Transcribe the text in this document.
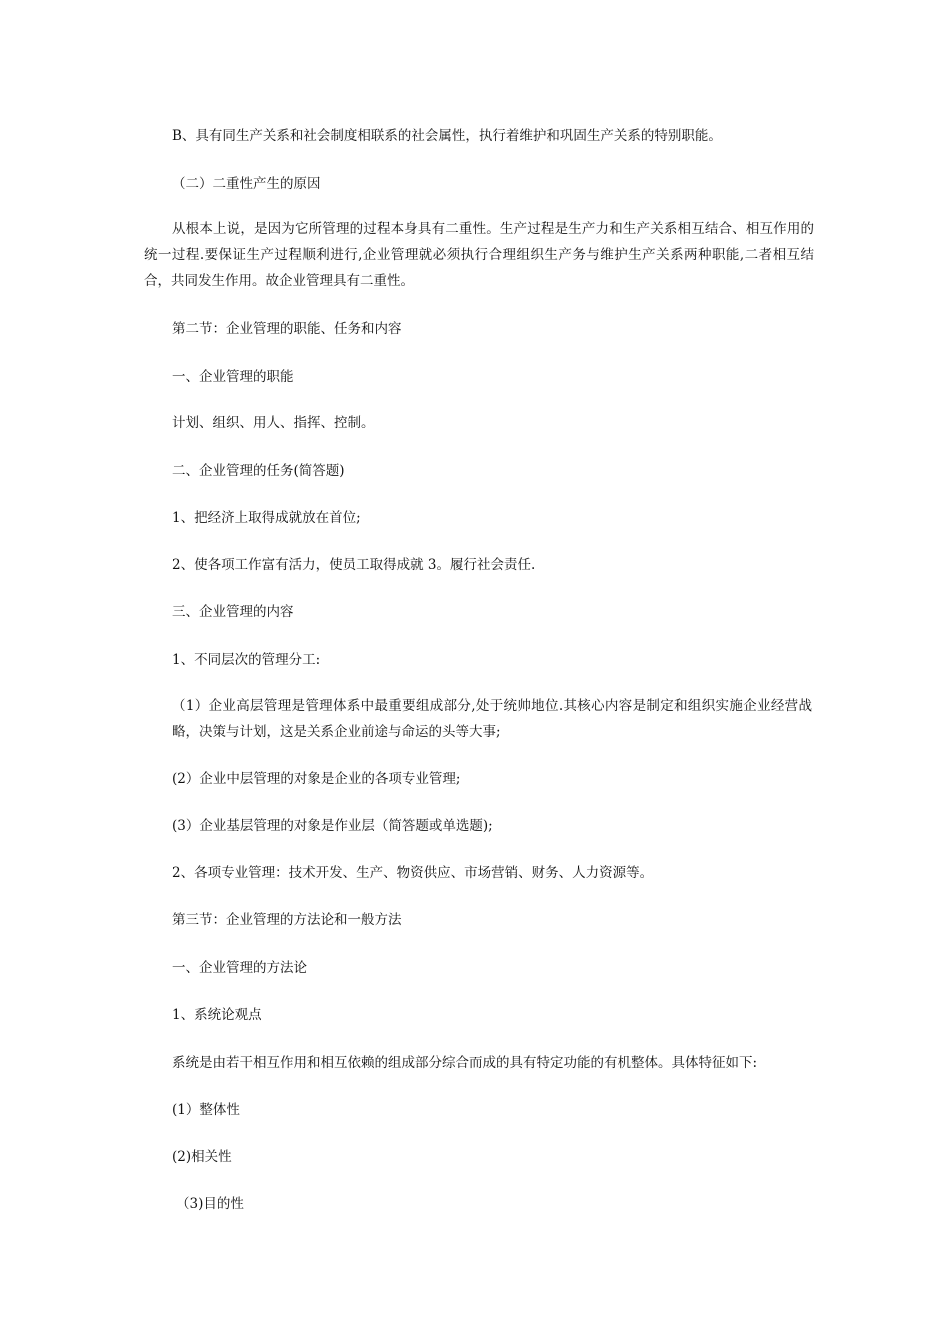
B、具有同生产关系和社会制度相联系的社会属性，执行着维护和巩固生产关系的特别职能。

（二）二重性产生的原因

从根本上说，是因为它所管理的过程本身具有二重性。生产过程是生产力和生产关系相互结合、相互作用的统一过程.要保证生产过程顺利进行,企业管理就必须执行合理组织生产务与维护生产关系两种职能,二者相互结合，共同发生作用。故企业管理具有二重性。

第二节：企业管理的职能、任务和内容

一、企业管理的职能

计划、组织、用人、指挥、控制。

二、企业管理的任务(简答题)

1、把经济上取得成就放在首位;

2、使各项工作富有活力，使员工取得成就 3。履行社会责任.

三、企业管理的内容

1、不同层次的管理分工:

（1）企业高层管理是管理体系中最重要组成部分,处于统帅地位.其核心内容是制定和组织实施企业经营战略，决策与计划，这是关系企业前途与命运的头等大事;

(2）企业中层管理的对象是企业的各项专业管理;

(3）企业基层管理的对象是作业层（简答题或单选题);

2、各项专业管理：技术开发、生产、物资供应、市场营销、财务、人力资源等。

第三节：企业管理的方法论和一般方法

一、企业管理的方法论

1、系统论观点

系统是由若干相互作用和相互依赖的组成部分综合而成的具有特定功能的有机整体。具体特征如下:

(1）整体性

(2)相关性

（3)目的性
